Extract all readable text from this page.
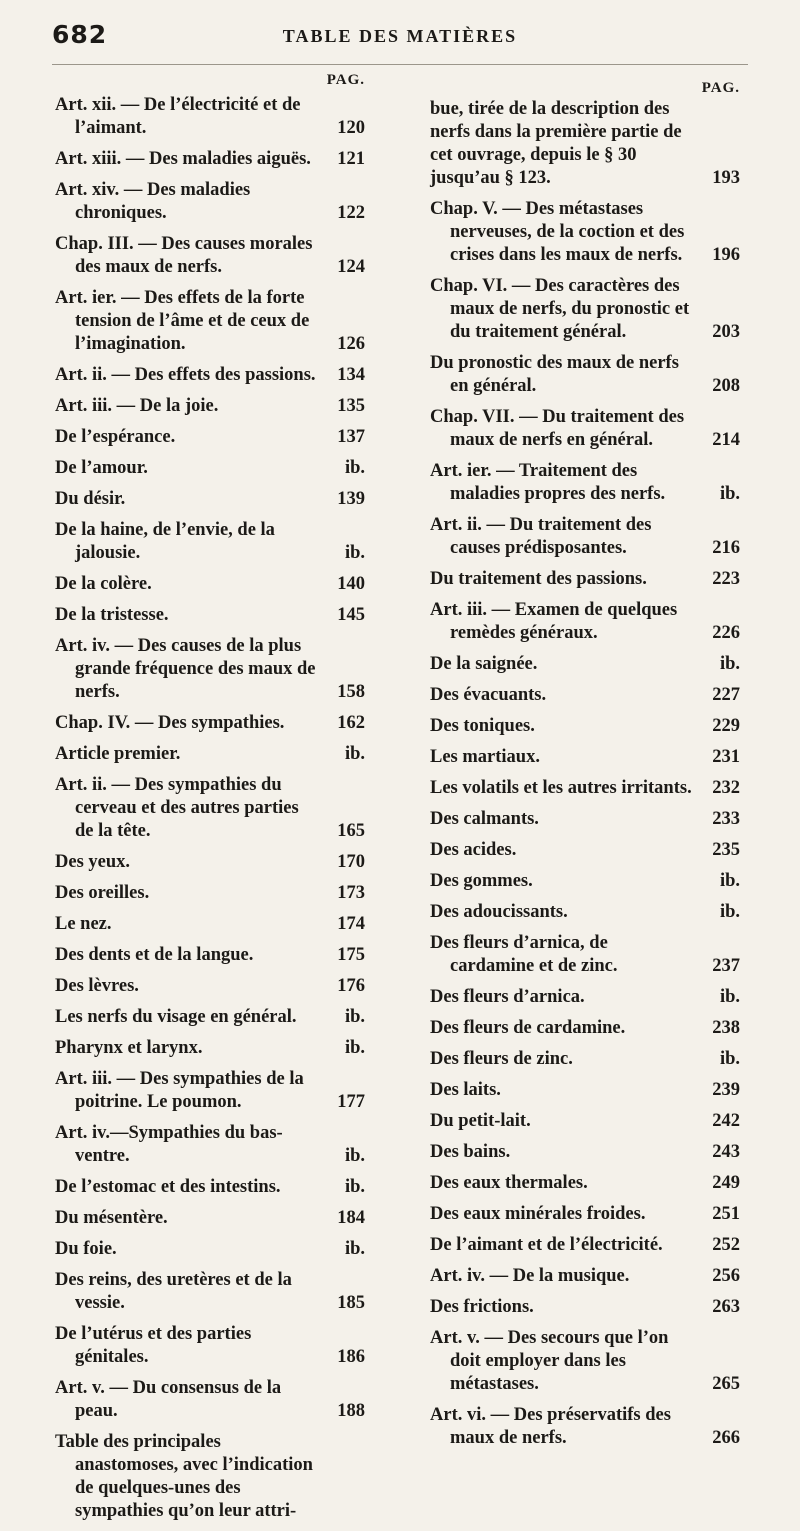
682	TABLE DES MATIÈRES
PAG.
Art. xii. — De l’électricité et de l’aimant.	120
Art. xiii. — Des maladies aiguës. 121
Art. xiv. — Des maladies chroniques.	122
Chap. III. — Des causes morales des maux de nerfs.	124
Art. ier. — Des effets de la forte tension de l’âme et de ceux de l’imagination.	126
Art. ii. — Des effets des passions. 134
Art. iii. — De la joie.	135
De l’espérance.	137
De l’amour.	ib.
Du désir.	139
De la haine, de l’envie, de la jalousie.	ib.
De la colère.	140
De la tristesse.	145
Art. iv. — Des causes de la plus grande fréquence des maux de nerfs.	158
Chap. IV. — Des sympathies.	162
Article premier.	ib.
Art. ii. — Des sympathies du cerveau et des autres parties de la tête.	165
Des yeux.	170
Des oreilles.	173
Le nez.	174
Des dents et de la langue.	175
Des lèvres.	176
Les nerfs du visage en général.	ib.
Pharynx et larynx.	ib.
Art. iii. — Des sympathies de la poitrine. Le poumon.	177
Art. iv.—Sympathies du bas-ventre.	ib.
De l’estomac et des intestins.	ib.
Du mésentère.	184
Du foie.	ib.
Des reins, des uretères et de la vessie.	185
De l’utérus et des parties génitales.	186
Art. v. — Du consensus de la peau.	188
Table des principales anastomoses, avec l’indication de quelques-unes des sympathies qu’on leur attri-
PAG.
bue, tirée de la description des nerfs dans la première partie de cet ouvrage, depuis le § 30 jusqu’au § 123.	193
Chap. V. — Des métastases nerveuses, de la coction et des crises dans les maux de nerfs. 196
Chap. VI. — Des caractères des maux de nerfs, du pronostic et du traitement général.	203
Du pronostic des maux de nerfs en général.	208
Chap. VII. — Du traitement des maux de nerfs en général.	214
Art. ier. — Traitement des maladies propres des nerfs.	ib.
Art. ii. — Du traitement des causes prédisposantes.	216
Du traitement des passions.	223
Art. iii. — Examen de quelques remèdes généraux.	226
De la saignée.	ib.
Des évacuants.	227
Des toniques.	229
Les martiaux.	231
Les volatils et les autres irritants. 232
Des calmants.	233
Des acides.	235
Des gommes.	ib.
Des adoucissants.	ib.
Des fleurs d’arnica, de cardamine et de zinc.	237
Des fleurs d’arnica.	ib.
Des fleurs de cardamine.	238
Des fleurs de zinc.	ib.
Des laits.	239
Du petit-lait.	242
Des bains.	243
Des eaux thermales.	249
Des eaux minérales froides.	251
De l’aimant et de l’électricité.	252
Art. iv. — De la musique.	256
Des frictions.	263
Art. v. — Des secours que l’on doit employer dans les métastases.	265
Art. vi. — Des préservatifs des maux de nerfs.	266
